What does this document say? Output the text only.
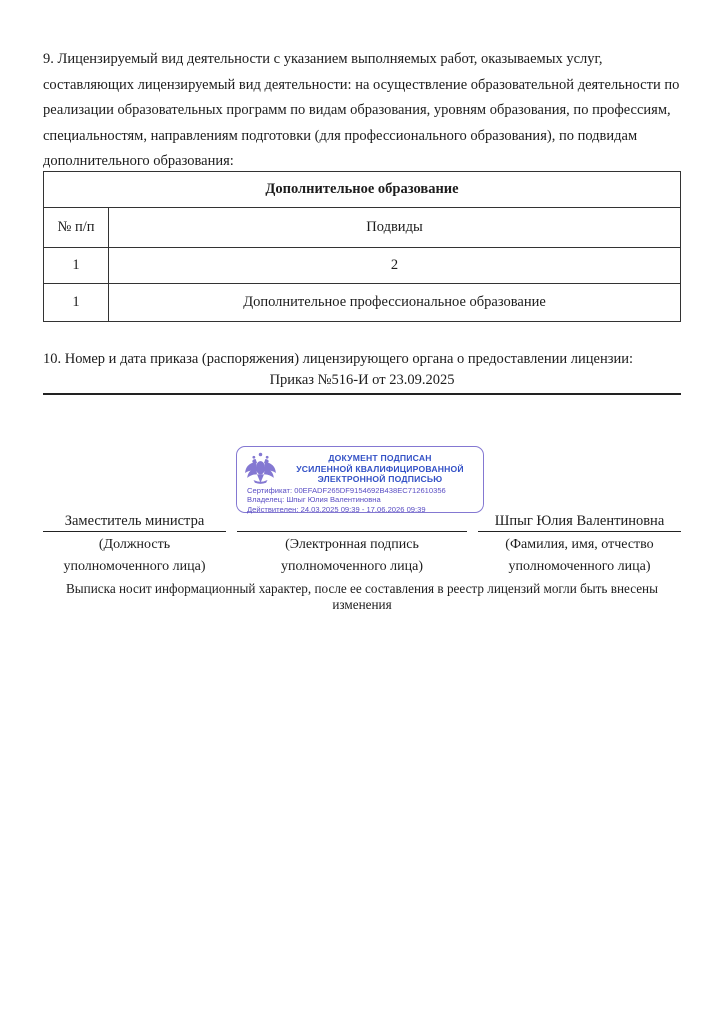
9. Лицензируемый вид деятельности с указанием выполняемых работ, оказываемых услуг, составляющих лицензируемый вид деятельности: на осуществление образовательной деятельности по реализации образовательных программ по видам образования, уровням образования, по профессиям, специальностям, направлениям подготовки (для профессионального образования), по подвидам дополнительного образования:

Дополнительное образование	
№ п/п	Подвиды
1	2
1	Дополнительное профессиональное образование

10. Номер и дата приказа (распоряжения) лицензирующего органа о предоставлении лицензии:

Приказ №516-И от 23.09.2025
ДОКУМЕНТ ПОДПИСАН
УСИЛЕННОЙ КВАЛИФИЦИРОВАННОЙ
ЭЛЕКТРОННОЙ ПОДПИСЬЮ
Сертификат: 00EFADF265DF9154692B438EC712610356
Владелец: Шпыг Юлия Валентиновна
Действителен: 24.03.2025 09:39 - 17.06.2026 09:39
Заместитель министра
(Должность
уполномоченного лица)
(Электронная подпись
уполномоченного лица)
Шпыг Юлия Валентиновна
(Фамилия, имя, отчество
уполномоченного лица)
Выписка носит информационный характер, после ее составления в реестр лицензий могли быть внесены изменения
